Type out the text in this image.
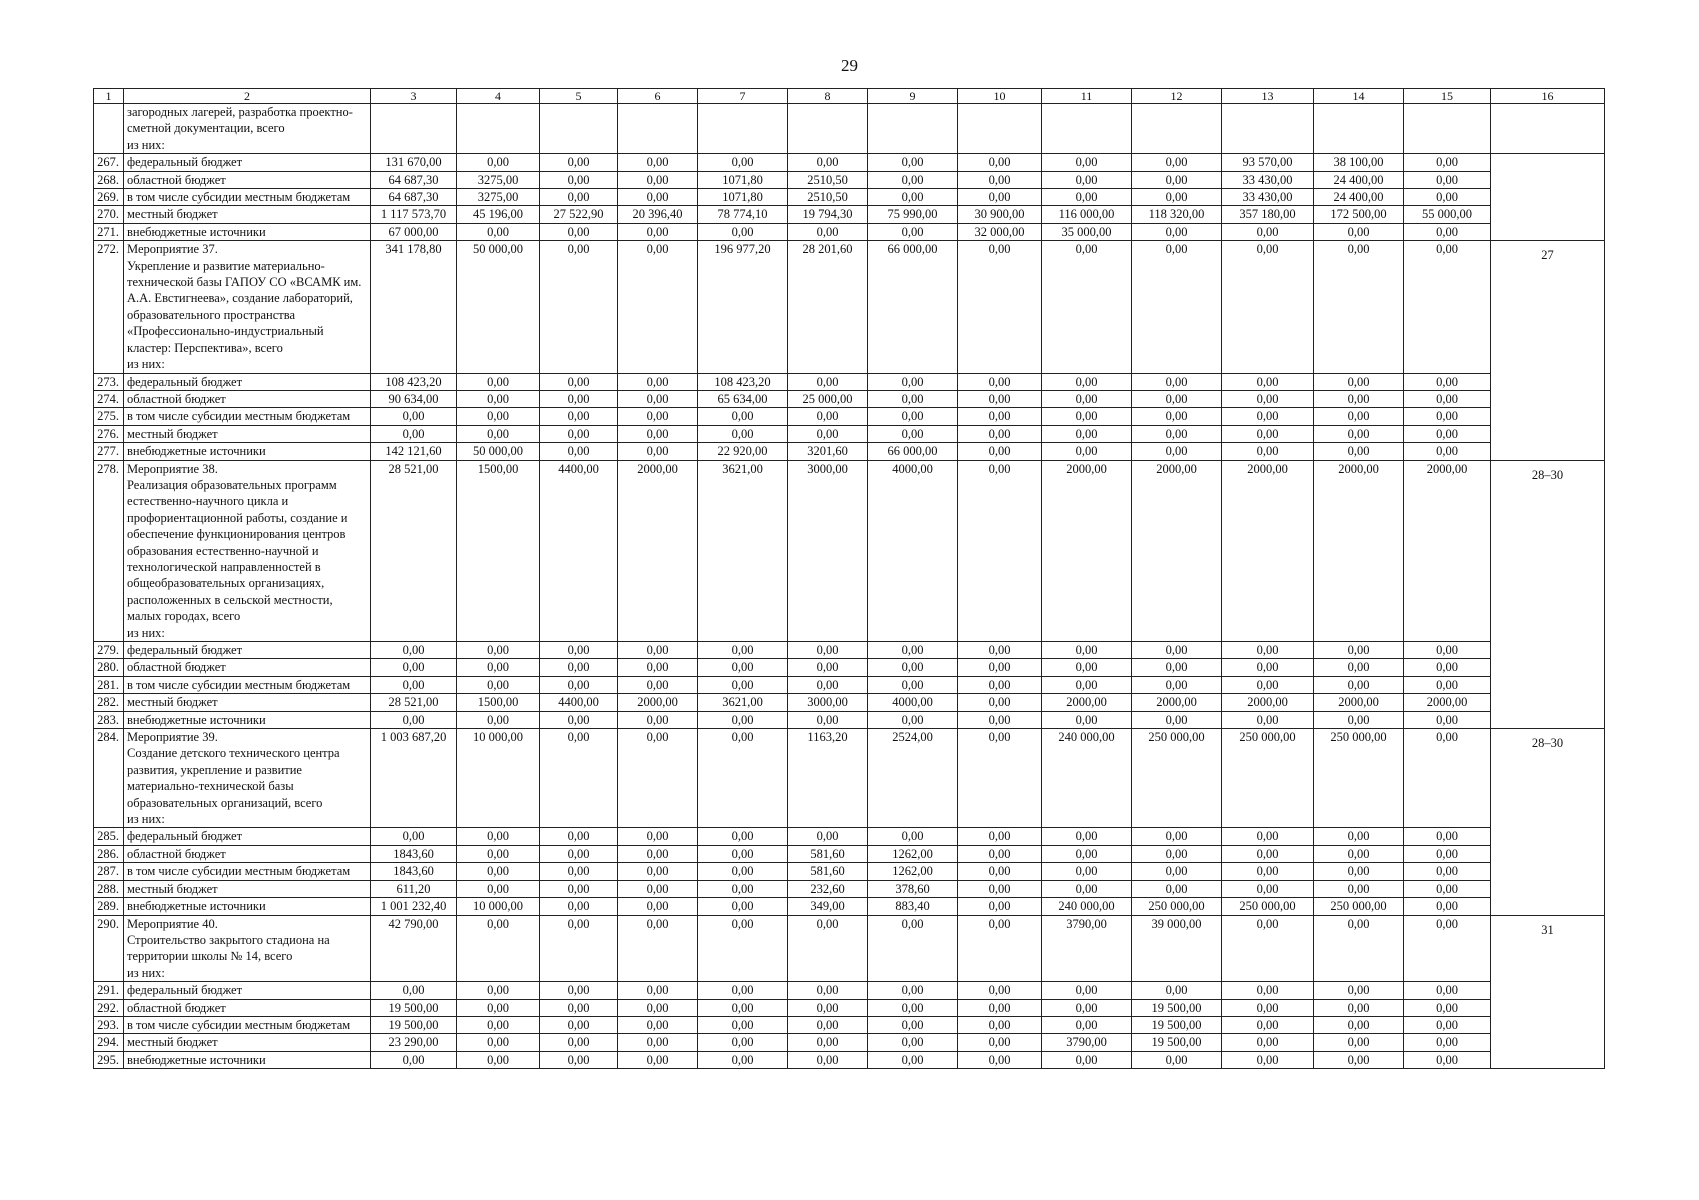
29
1	2	3	4	5	6	7	8	9	10	11	12	13	14	15	16
	загородных лагерей, разработка проектно-сметной документации, всего
из них:														
267.	федеральный бюджет	131 670,00	0,00	0,00	0,00	0,00	0,00	0,00	0,00	0,00	0,00	93 570,00	38 100,00	0,00	
268.	областной бюджет	64 687,30	3275,00	0,00	0,00	1071,80	2510,50	0,00	0,00	0,00	0,00	33 430,00	24 400,00	0,00	
269.	в том числе субсидии местным бюджетам	64 687,30	3275,00	0,00	0,00	1071,80	2510,50	0,00	0,00	0,00	0,00	33 430,00	24 400,00	0,00	
270.	местный бюджет	1 117 573,70	45 196,00	27 522,90	20 396,40	78 774,10	19 794,30	75 990,00	30 900,00	116 000,00	118 320,00	357 180,00	172 500,00	55 000,00	
271.	внебюджетные источники	67 000,00	0,00	0,00	0,00	0,00	0,00	0,00	32 000,00	35 000,00	0,00	0,00	0,00	0,00	
272.	Мероприятие 37.
Укрепление и развитие материально-технической базы ГАПОУ СО «ВСАМК им. А.А. Евстигнеева», создание лабораторий, образовательного пространства «Профессионально-индустриальный кластер: Перспектива», всего
из них:	341 178,80	50 000,00	0,00	0,00	196 977,20	28 201,60	66 000,00	0,00	0,00	0,00	0,00	0,00	0,00	27
273.	федеральный бюджет	108 423,20	0,00	0,00	0,00	108 423,20	0,00	0,00	0,00	0,00	0,00	0,00	0,00	0,00	
274.	областной бюджет	90 634,00	0,00	0,00	0,00	65 634,00	25 000,00	0,00	0,00	0,00	0,00	0,00	0,00	0,00	
275.	в том числе субсидии местным бюджетам	0,00	0,00	0,00	0,00	0,00	0,00	0,00	0,00	0,00	0,00	0,00	0,00	0,00	
276.	местный бюджет	0,00	0,00	0,00	0,00	0,00	0,00	0,00	0,00	0,00	0,00	0,00	0,00	0,00	
277.	внебюджетные источники	142 121,60	50 000,00	0,00	0,00	22 920,00	3201,60	66 000,00	0,00	0,00	0,00	0,00	0,00	0,00	
278.	Мероприятие 38.
Реализация образовательных программ естественно-научного цикла и профориентационной работы, создание и обеспечение функционирования центров образования естественно-научной и технологической направленностей в общеобразовательных организациях, расположенных в сельской местности, малых городах, всего
из них:	28 521,00	1500,00	4400,00	2000,00	3621,00	3000,00	4000,00	0,00	2000,00	2000,00	2000,00	2000,00	2000,00	28–30
279.	федеральный бюджет	0,00	0,00	0,00	0,00	0,00	0,00	0,00	0,00	0,00	0,00	0,00	0,00	0,00	
280.	областной бюджет	0,00	0,00	0,00	0,00	0,00	0,00	0,00	0,00	0,00	0,00	0,00	0,00	0,00	
281.	в том числе субсидии местным бюджетам	0,00	0,00	0,00	0,00	0,00	0,00	0,00	0,00	0,00	0,00	0,00	0,00	0,00	
282.	местный бюджет	28 521,00	1500,00	4400,00	2000,00	3621,00	3000,00	4000,00	0,00	2000,00	2000,00	2000,00	2000,00	2000,00	
283.	внебюджетные источники	0,00	0,00	0,00	0,00	0,00	0,00	0,00	0,00	0,00	0,00	0,00	0,00	0,00	
284.	Мероприятие 39.
Создание детского технического центра развития, укрепление и развитие материально-технической базы образовательных организаций, всего
из них:	1 003 687,20	10 000,00	0,00	0,00	0,00	1163,20	2524,00	0,00	240 000,00	250 000,00	250 000,00	250 000,00	0,00	28–30
285.	федеральный бюджет	0,00	0,00	0,00	0,00	0,00	0,00	0,00	0,00	0,00	0,00	0,00	0,00	0,00	
286.	областной бюджет	1843,60	0,00	0,00	0,00	0,00	581,60	1262,00	0,00	0,00	0,00	0,00	0,00	0,00	
287.	в том числе субсидии местным бюджетам	1843,60	0,00	0,00	0,00	0,00	581,60	1262,00	0,00	0,00	0,00	0,00	0,00	0,00	
288.	местный бюджет	611,20	0,00	0,00	0,00	0,00	232,60	378,60	0,00	0,00	0,00	0,00	0,00	0,00	
289.	внебюджетные источники	1 001 232,40	10 000,00	0,00	0,00	0,00	349,00	883,40	0,00	240 000,00	250 000,00	250 000,00	250 000,00	0,00	
290.	Мероприятие 40.
Строительство закрытого стадиона на территории школы № 14, всего
из них:	42 790,00	0,00	0,00	0,00	0,00	0,00	0,00	0,00	3790,00	39 000,00	0,00	0,00	0,00	31
291.	федеральный бюджет	0,00	0,00	0,00	0,00	0,00	0,00	0,00	0,00	0,00	0,00	0,00	0,00	0,00	
292.	областной бюджет	19 500,00	0,00	0,00	0,00	0,00	0,00	0,00	0,00	0,00	19 500,00	0,00	0,00	0,00	
293.	в том числе субсидии местным бюджетам	19 500,00	0,00	0,00	0,00	0,00	0,00	0,00	0,00	0,00	19 500,00	0,00	0,00	0,00	
294.	местный бюджет	23 290,00	0,00	0,00	0,00	0,00	0,00	0,00	0,00	3790,00	19 500,00	0,00	0,00	0,00	
295.	внебюджетные источники	0,00	0,00	0,00	0,00	0,00	0,00	0,00	0,00	0,00	0,00	0,00	0,00	0,00	
